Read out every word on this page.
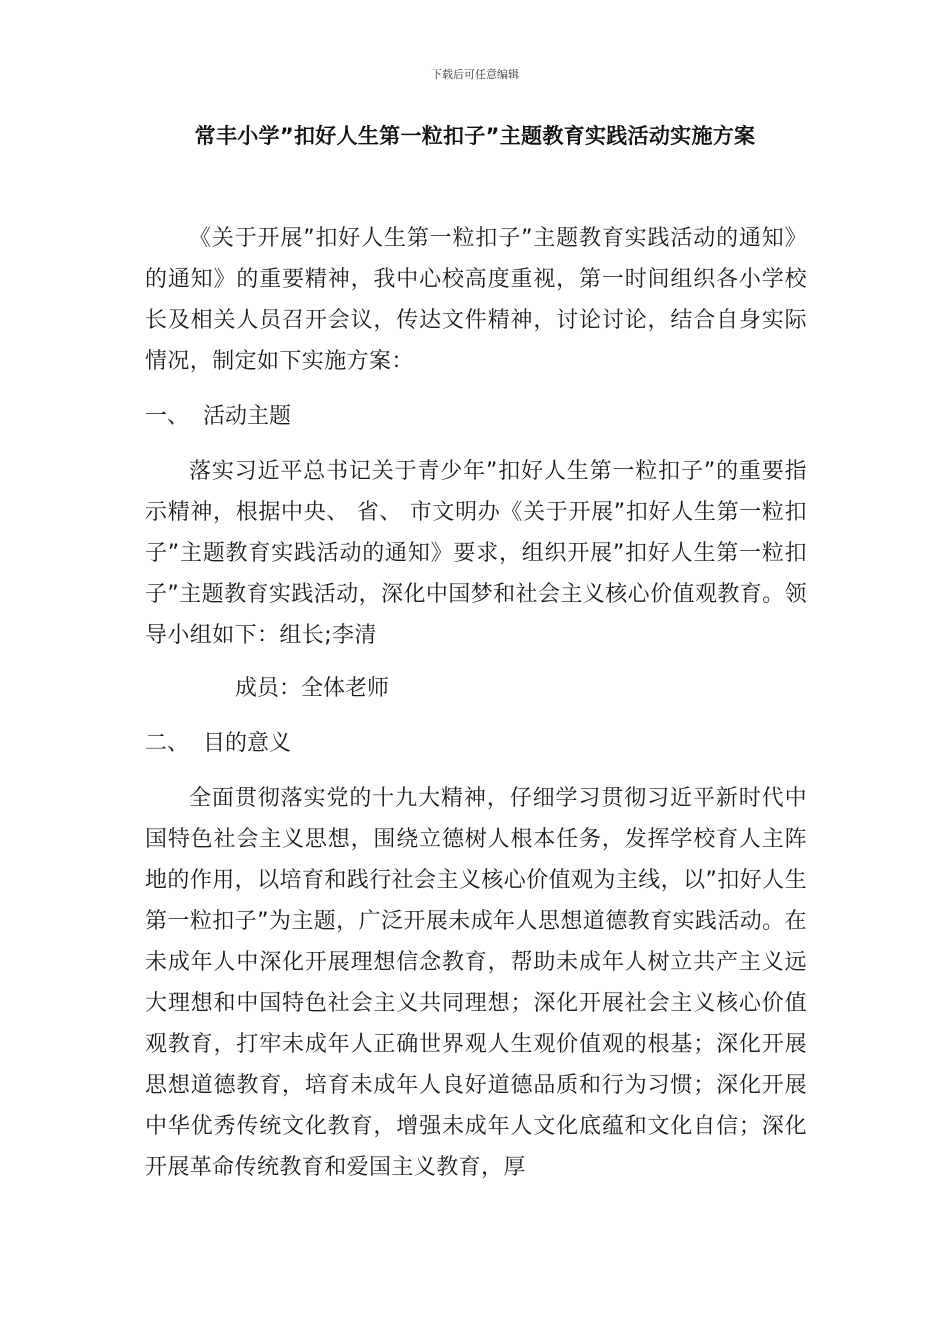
下载后可任意编辑
常丰小学”扣好人生第一粒扣子”主题教育实践活动实施方案

《关于开展”扣好人生第一粒扣子”主题教育实践活动的通知》的通知》的重要精神，我中心校高度重视，第一时间组织各小学校长及相关人员召开会议，传达文件精神，讨论讨论，结合自身实际情况，制定如下实施方案：

一、 活动主题

落实习近平总书记关于青少年”扣好人生第一粒扣子”的重要指示精神，根据中央、 省、 市文明办《关于开展”扣好人生第一粒扣子”主题教育实践活动的通知》要求，组织开展”扣好人生第一粒扣子”主题教育实践活动，深化中国梦和社会主义核心价值观教育。领导小组如下：组长;李清

成员：全体老师
二、 目的意义

全面贯彻落实党的十九大精神，仔细学习贯彻习近平新时代中国特色社会主义思想，围绕立德树人根本任务，发挥学校育人主阵地的作用，以培育和践行社会主义核心价值观为主线，以”扣好人生第一粒扣子”为主题，广泛开展未成年人思想道德教育实践活动。在未成年人中深化开展理想信念教育，帮助未成年人树立共产主义远大理想和中国特色社会主义共同理想；深化开展社会主义核心价值观教育，打牢未成年人正确世界观人生观价值观的根基；深化开展思想道德教育，培育未成年人良好道德品质和行为习惯；深化开展中华优秀传统文化教育，增强未成年人文化底蕴和文化自信；深化开展革命传统教育和爱国主义教育，厚
